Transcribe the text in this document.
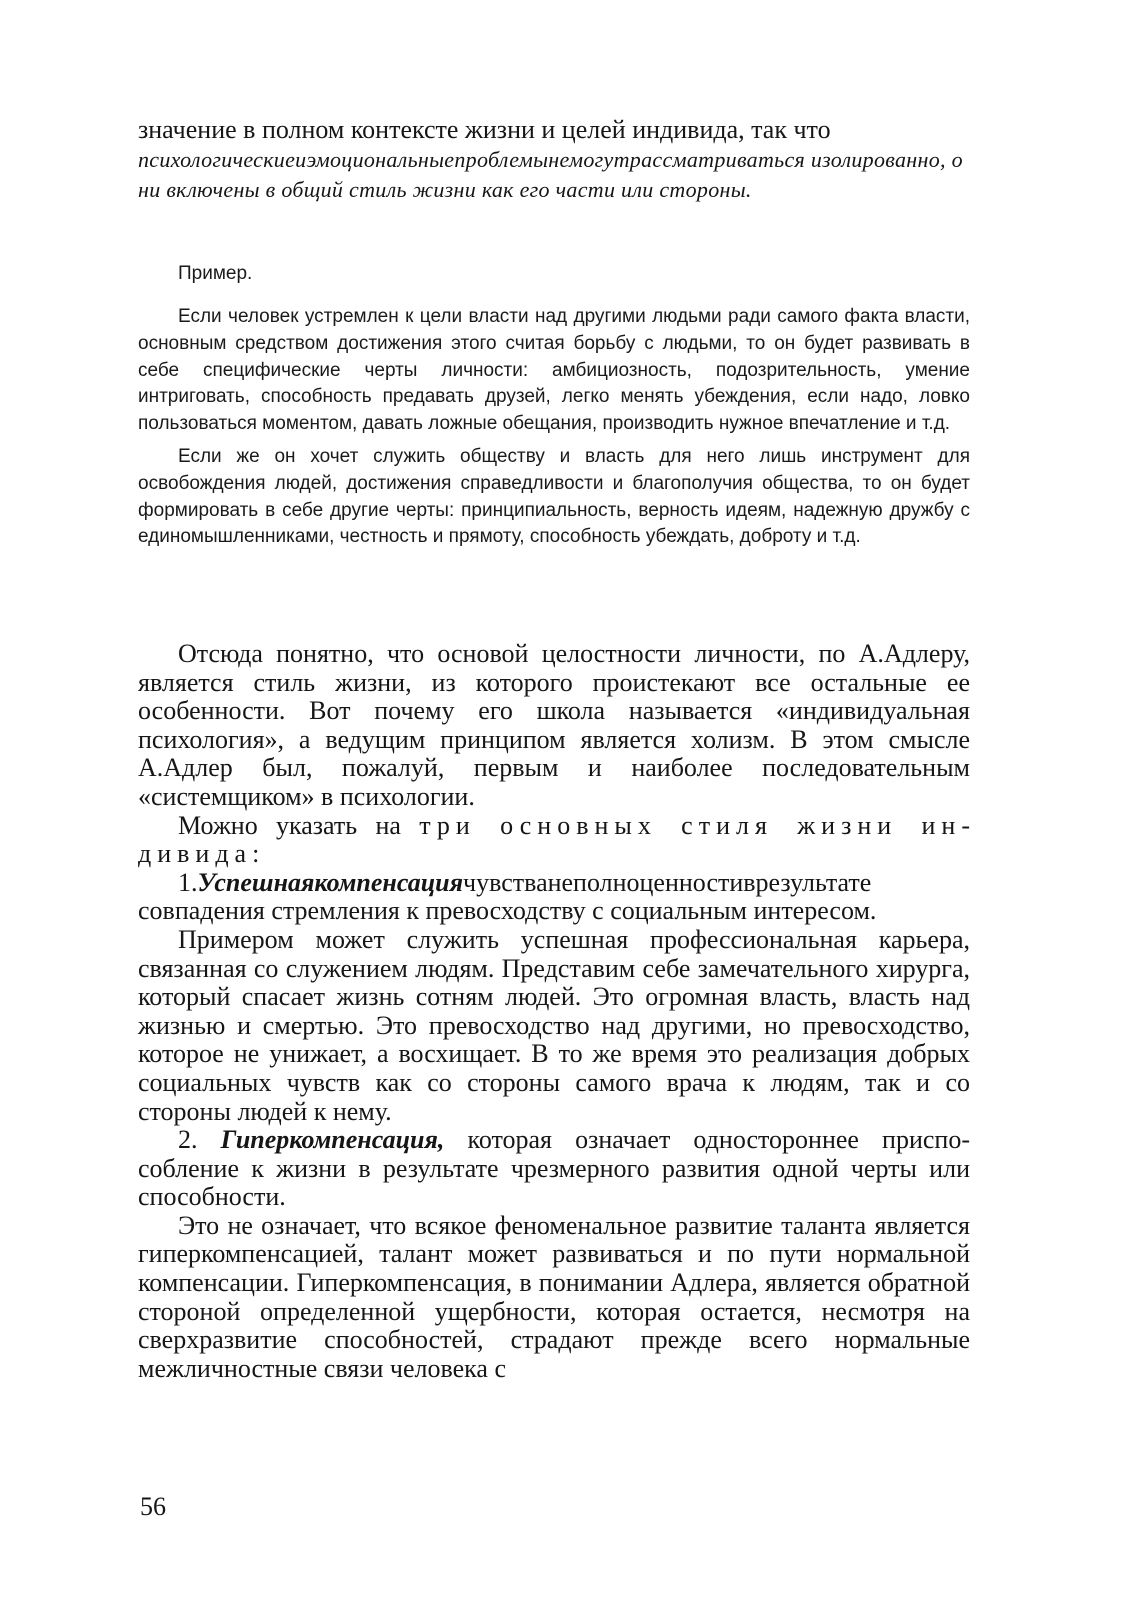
значение в полном контексте жизни и целей индивида, так что

психологическиеиэмоциональныепроблемынемогутрассматриваться изолированно, они включены в общий стиль жизни как его части или стороны.

Пример.

Если человек устремлен к цели власти над другими людьми ради самого факта власти, основным средством достижения этого считая борьбу с людьми, то он будет развивать в себе специфические черты личности: амбициозность, подозрительность, умение интриговать, способность предавать друзей, легко менять убеждения, если надо, ловко пользоваться моментом, давать ложные обещания, производить нужное впечатление и т.д.

Если же он хочет служить обществу и власть для него лишь инструмент для освобождения людей, достижения справедливости и благополучия общества, то он будет формировать в себе другие черты: принципиальность, верность идеям, надежную дружбу с единомышленниками, честность и прямоту, способность убеждать, доброту и т.д.

Отсюда понятно, что основой целостности личности, по А.Адлеру, является стиль жизни, из которого проистекают все остальные ее особенности. Вот почему его школа называется «индивидуальная психология», а ведущим принципом является холизм. В этом смысле А.Адлер был, пожалуй, первым и наиболее последовательным «системщиком» в психологии.

Можно указать на три основных стиля жизни индивида:

1.Успешнаякомпенсациячувстванеполноценностиврезультате совпадения стремления к превосходству с социальным интересом.

Примером может служить успешная профессиональная карьера, связанная со служением людям. Представим себе замечательного хирурга, который спасает жизнь сотням людей. Это огромная власть, власть над жизнью и смертью. Это превосходство над другими, но превосходство, которое не унижает, а восхищает. В то же время это реализация добрых социальных чувств как со стороны самого врача к людям, так и со стороны людей к нему.

2. Гиперкомпенсация, которая означает одностороннее приспособление к жизни в результате чрезмерного развития одной черты или способности.

Это не означает, что всякое феноменальное развитие таланта является гиперкомпенсацией, талант может развиваться и по пути нормальной компенсации. Гиперкомпенсация, в понимании Адлера, является обратной стороной определенной ущербности, которая остается, несмотря на сверхразвитие способностей, страдают прежде всего нормальные межличностные связи человека с

56
